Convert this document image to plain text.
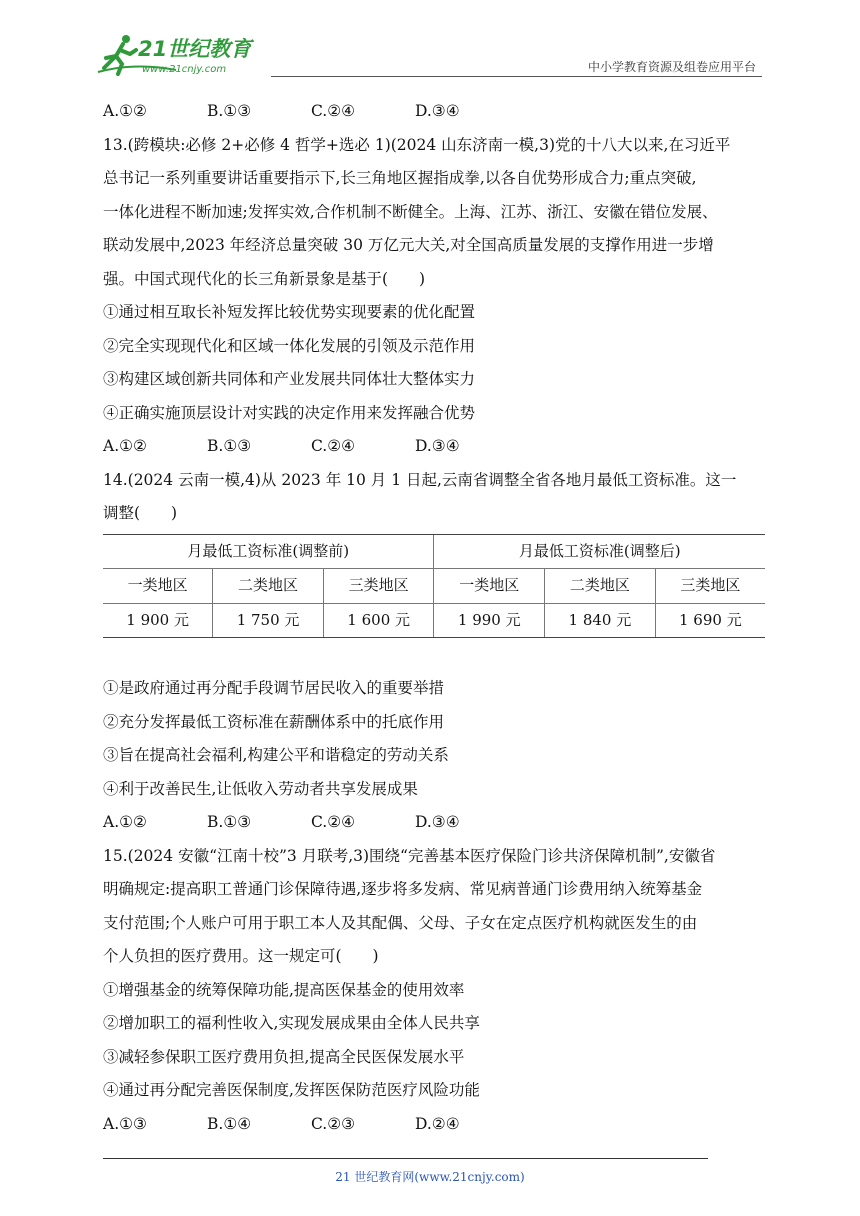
21世纪教育
www.21cnjy.com	中小学教育资源及组卷应用平台
A.①②	B.①③	C.②④	D.③④
13.(跨模块:必修 2+必修 4 哲学+选必 1)(2024 山东济南一模,3)党的十八大以来,在习近平
总书记一系列重要讲话重要指示下,长三角地区握指成拳,以各自优势形成合力;重点突破,
一体化进程不断加速;发挥实效,合作机制不断健全。上海、江苏、浙江、安徽在错位发展、
联动发展中,2023 年经济总量突破 30 万亿元大关,对全国高质量发展的支撑作用进一步增
强。中国式现代化的长三角新景象是基于(　　)
①通过相互取长补短发挥比较优势实现要素的优化配置
②完全实现现代化和区域一体化发展的引领及示范作用
③构建区域创新共同体和产业发展共同体壮大整体实力
④正确实施顶层设计对实践的决定作用来发挥融合优势
A.①②	B.①③	C.②④	D.③④
14.(2024 云南一模,4)从 2023 年 10 月 1 日起,云南省调整全省各地月最低工资标准。这一
调整(　　)
月最低工资标准(调整前)			月最低工资标准(调整后)		
一类地区	二类地区	三类地区	一类地区	二类地区	三类地区
1 900 元	1 750 元	1 600 元	1 990 元	1 840 元	1 690 元
①是政府通过再分配手段调节居民收入的重要举措
②充分发挥最低工资标准在薪酬体系中的托底作用
③旨在提高社会福利,构建公平和谐稳定的劳动关系
④利于改善民生,让低收入劳动者共享发展成果
A.①②	B.①③	C.②④	D.③④
15.(2024 安徽“江南十校”3 月联考,3)围绕“完善基本医疗保险门诊共济保障机制”,安徽省
明确规定:提高职工普通门诊保障待遇,逐步将多发病、常见病普通门诊费用纳入统筹基金
支付范围;个人账户可用于职工本人及其配偶、父母、子女在定点医疗机构就医发生的由
个人负担的医疗费用。这一规定可(　　)
①增强基金的统筹保障功能,提高医保基金的使用效率
②增加职工的福利性收入,实现发展成果由全体人民共享
③减轻参保职工医疗费用负担,提高全民医保发展水平
④通过再分配完善医保制度,发挥医保防范医疗风险功能
A.①③	B.①④	C.②③	D.②④
21 世纪教育网(www.21cnjy.com)
